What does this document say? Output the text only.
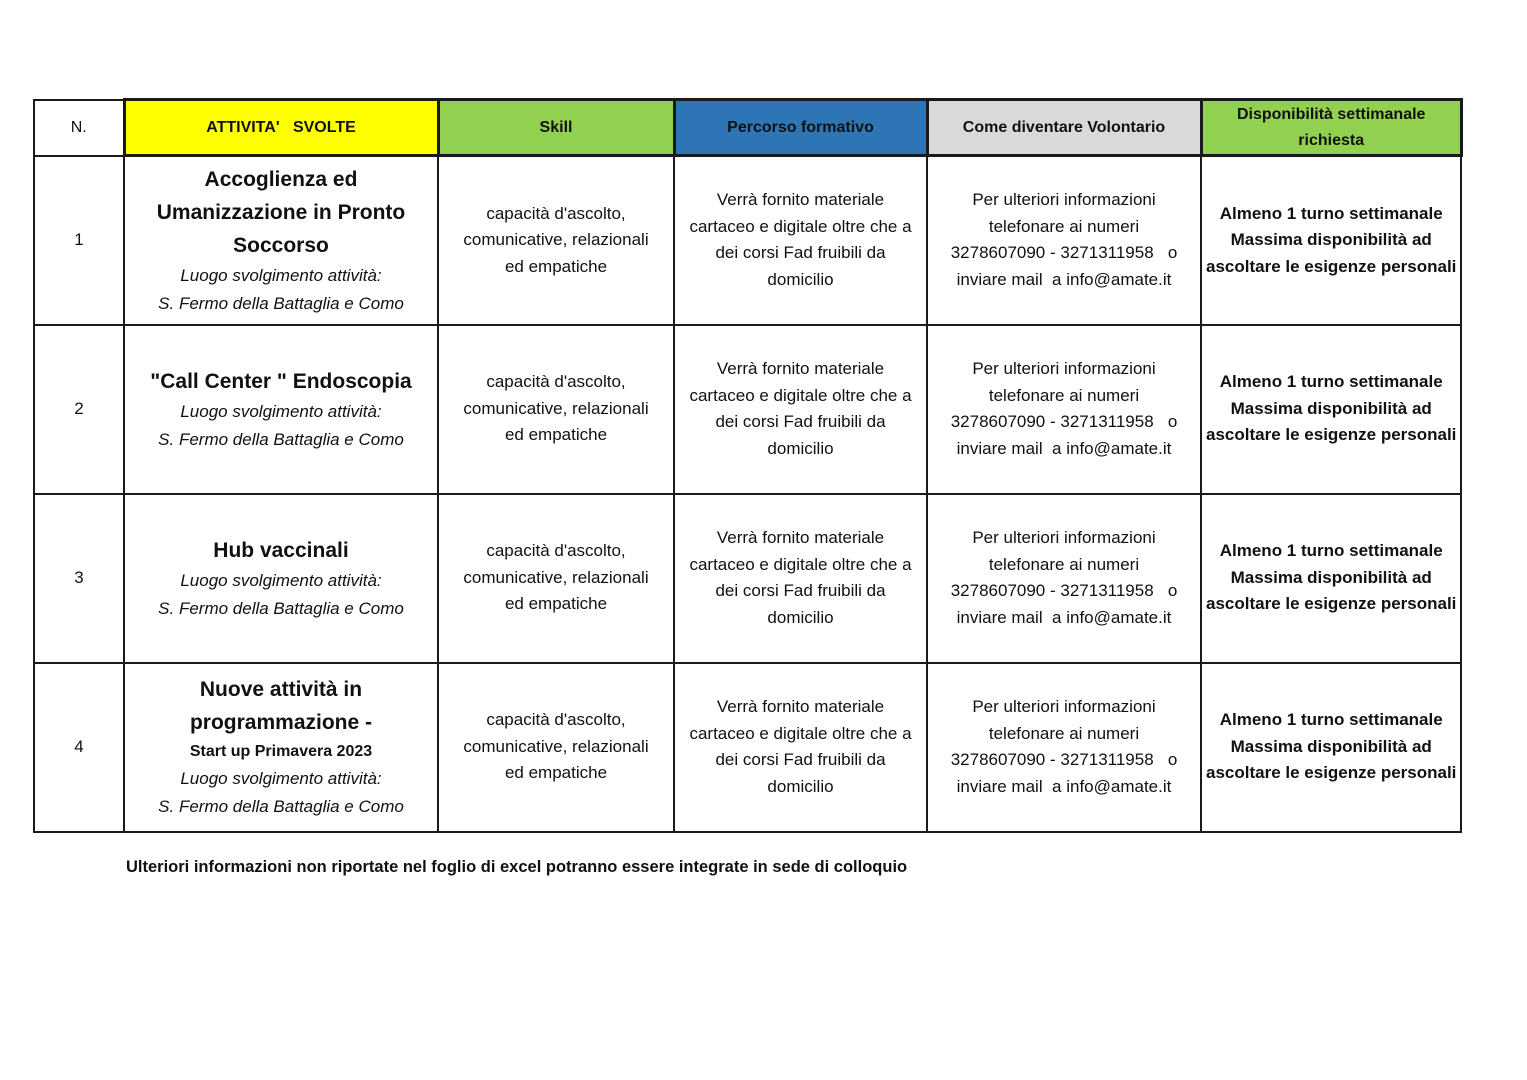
N.	ATTIVITA'   SVOLTE	Skill	Percorso formativo	Come diventare Volontario	Disponibilità settimanale
richiesta

1	Accoglienza ed
Umanizzazione in Pronto
Soccorso
Luogo svolgimento attività:
S. Fermo della Battaglia e Como	capacità d'ascolto,
comunicative, relazionali
ed empatiche	Verrà fornito materiale
cartaceo e digitale oltre che a
dei corsi Fad fruibili da
domicilio	Per ulteriori informazioni
telefonare ai numeri
3278607090 - 3271311958   o
inviare mail  a info@amate.it	Almeno 1 turno settimanale
Massima disponibilità ad
ascoltare le esigenze personali

2	"Call Center " Endoscopia
Luogo svolgimento attività:
S. Fermo della Battaglia e Como	capacità d'ascolto,
comunicative, relazionali
ed empatiche	Verrà fornito materiale
cartaceo e digitale oltre che a
dei corsi Fad fruibili da
domicilio	Per ulteriori informazioni
telefonare ai numeri
3278607090 - 3271311958   o
inviare mail  a info@amate.it	Almeno 1 turno settimanale
Massima disponibilità ad
ascoltare le esigenze personali

3	Hub vaccinali
Luogo svolgimento attività:
S. Fermo della Battaglia e Como	capacità d'ascolto,
comunicative, relazionali
ed empatiche	Verrà fornito materiale
cartaceo e digitale oltre che a
dei corsi Fad fruibili da
domicilio	Per ulteriori informazioni
telefonare ai numeri
3278607090 - 3271311958   o
inviare mail  a info@amate.it	Almeno 1 turno settimanale
Massima disponibilità ad
ascoltare le esigenze personali

4	Nuove attività in
programmazione -
Start up Primavera 2023
Luogo svolgimento attività:
S. Fermo della Battaglia e Como	capacità d'ascolto,
comunicative, relazionali
ed empatiche	Verrà fornito materiale
cartaceo e digitale oltre che a
dei corsi Fad fruibili da
domicilio	Per ulteriori informazioni
telefonare ai numeri
3278607090 - 3271311958   o
inviare mail  a info@amate.it	Almeno 1 turno settimanale
Massima disponibilità ad
ascoltare le esigenze personali
Ulteriori informazioni non riportate nel foglio di excel potranno essere integrate in sede di colloquio
